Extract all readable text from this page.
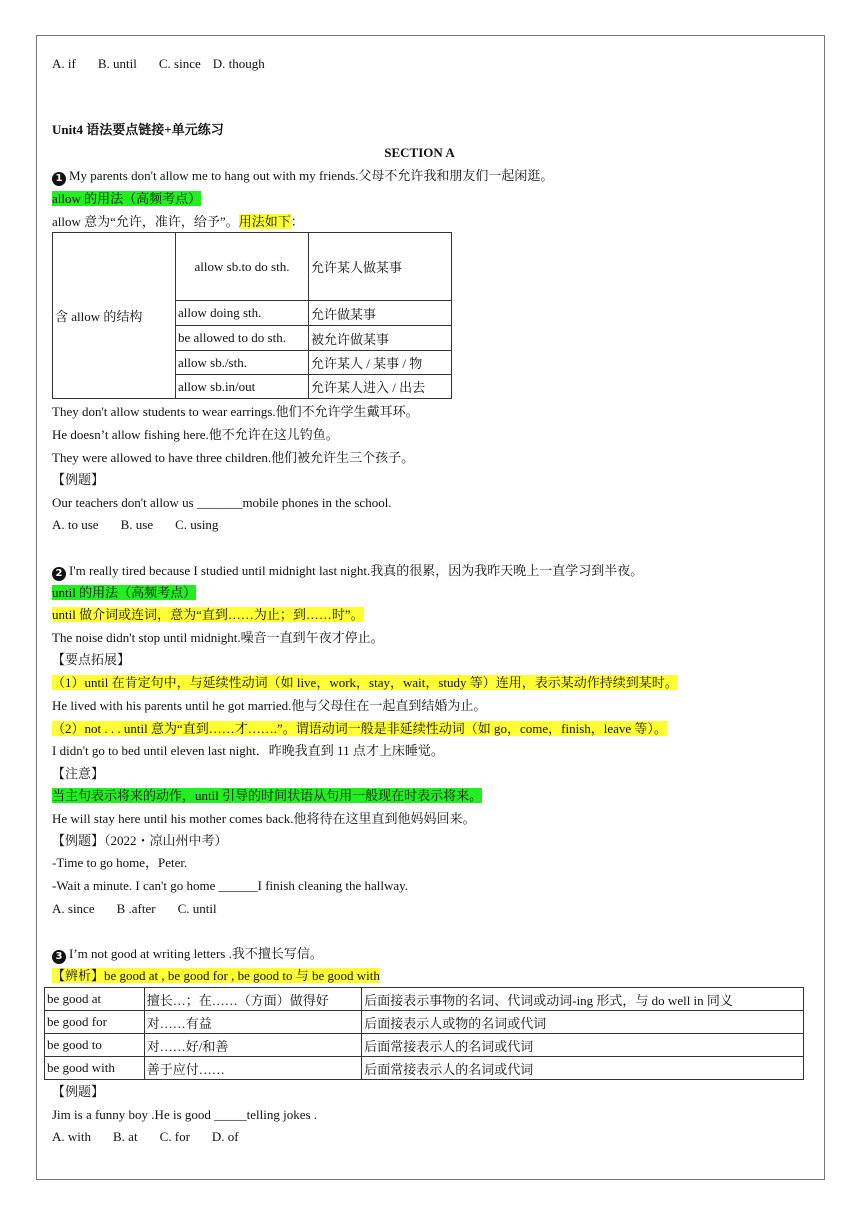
A. if B. until C. since D. though
Unit4 语法要点链接+单元练习
SECTION A
1 My parents don't allow me to hang out with my friends.父母不允许我和朋友们一起闲逛。
allow 的用法（高频考点）
allow 意为“允许，准许，给予”。用法如下：
含 allow 的结构	allow sb.to do sth.	允许某人做某事
	allow doing sth.	允许做某事
	be allowed to do sth.	被允许做某事
	allow sb./sth.	允许某人 / 某事 / 物
	allow sb.in/out	允许某人进入 / 出去
They don't allow students to wear earrings.他们不允许学生戴耳环。
He doesn’t allow fishing here.他不允许在这儿钓鱼。
They were allowed to have three children.他们被允许生三个孩子。
【例题】
Our teachers don't allow us _______mobile phones in the school.
A. to use B. use C. using
2 I'm really tired because I studied until midnight last night.我真的很累，因为我昨天晚上一直学习到半夜。
until 的用法（高频考点）
until 做介词或连词，意为“直到……为止；到……时”。
The noise didn't stop until midnight.噪音一直到午夜才停止。
【要点拓展】
（1）until 在肯定句中，与延续性动词（如 live，work，stay，wait，study 等）连用，表示某动作持续到某时。
He lived with his parents until he got married.他与父母住在一起直到结婚为止。
（2）not . . . until 意为“直到……才…….”。谓语动词一般是非延续性动词（如 go，come，finish，leave 等）。
I didn't go to bed until eleven last night．昨晚我直到 11 点才上床睡觉。
【注意】
当主句表示将来的动作，until 引导的时间状语从句用一般现在时表示将来。
He will stay here until his mother comes back.他将待在这里直到他妈妈回来。
【例题】（2022・凉山州中考）
-Time to go home，Peter.
-Wait a minute. I can't go home ______I finish cleaning the hallway.
A. since B .after C. until
3 I’m not good at writing letters .我不擅长写信。
【辨析】be good at , be good for , be good to 与 be good with
be good at	擅长…；在……（方面）做得好	后面接表示事物的名词、代词或动词-ing 形式，与 do well in 同义
be good for	对……有益	后面接表示人或物的名词或代词
be good to	对……好/和善	后面常接表示人的名词或代词
be good with	善于应付……	后面常接表示人的名词或代词
【例题】
Jim is a funny boy .He is good _____telling jokes .
A. with B. at C. for D. of
